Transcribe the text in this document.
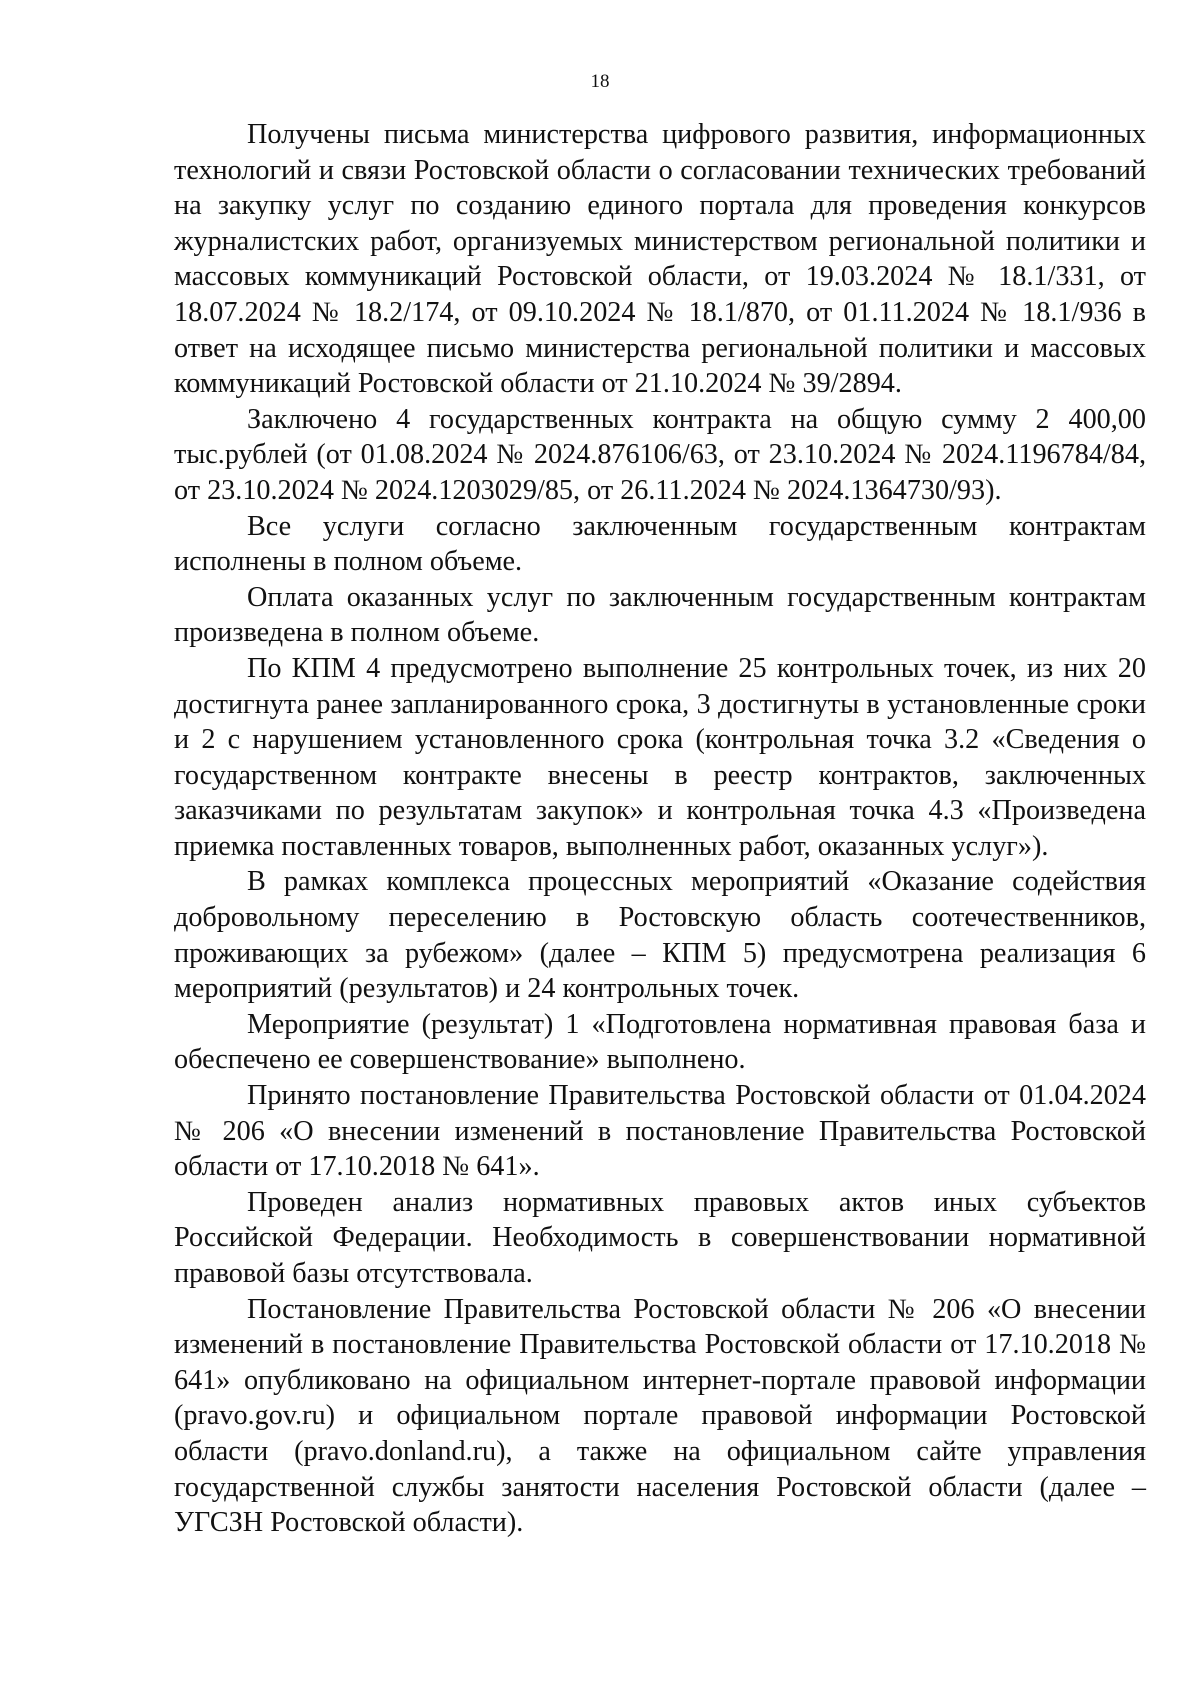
18

Получены письма министерства цифрового развития, информационных технологий и связи Ростовской области о согласовании технических требований на закупку услуг по созданию единого портала для проведения конкурсов журналистских работ, организуемых министерством региональной политики и массовых коммуникаций Ростовской области, от 19.03.2024 № 18.1/331, от 18.07.2024 № 18.2/174, от 09.10.2024 № 18.1/870, от 01.11.2024 № 18.1/936 в ответ на исходящее письмо министерства региональной политики и массовых коммуникаций Ростовской области от 21.10.2024 № 39/2894.

Заключено 4 государственных контракта на общую сумму 2 400,00 тыс.рублей (от 01.08.2024 № 2024.876106/63, от 23.10.2024 № 2024.1196784/84, от 23.10.2024 № 2024.1203029/85, от 26.11.2024 № 2024.1364730/93).

Все услуги согласно заключенным государственным контрактам исполнены в полном объеме.

Оплата оказанных услуг по заключенным государственным контрактам произведена в полном объеме.

По КПМ 4 предусмотрено выполнение 25 контрольных точек, из них 20 достигнута ранее запланированного срока, 3 достигнуты в установленные сроки и 2 с нарушением установленного срока (контрольная точка 3.2 «Сведения о государственном контракте внесены в реестр контрактов, заключенных заказчиками по результатам закупок» и контрольная точка 4.3 «Произведена приемка поставленных товаров, выполненных работ, оказанных услуг»).

В рамках комплекса процессных мероприятий «Оказание содействия добровольному переселению в Ростовскую область соотечественников, проживающих за рубежом» (далее – КПМ 5) предусмотрена реализация 6 мероприятий (результатов) и 24 контрольных точек.

Мероприятие (результат) 1 «Подготовлена нормативная правовая база и обеспечено ее совершенствование» выполнено.

Принято постановление Правительства Ростовской области от 01.04.2024 № 206 «О внесении изменений в постановление Правительства Ростовской области от 17.10.2018 № 641».

Проведен анализ нормативных правовых актов иных субъектов Российской Федерации. Необходимость в совершенствовании нормативной правовой базы отсутствовала.

Постановление Правительства Ростовской области № 206 «О внесении изменений в постановление Правительства Ростовской области от 17.10.2018 № 641» опубликовано на официальном интернет-портале правовой информации (pravo.gov.ru) и официальном портале правовой информации Ростовской области (pravo.donland.ru), а также на официальном сайте управления государственной службы занятости населения Ростовской области (далее – УГСЗН Ростовской области).
